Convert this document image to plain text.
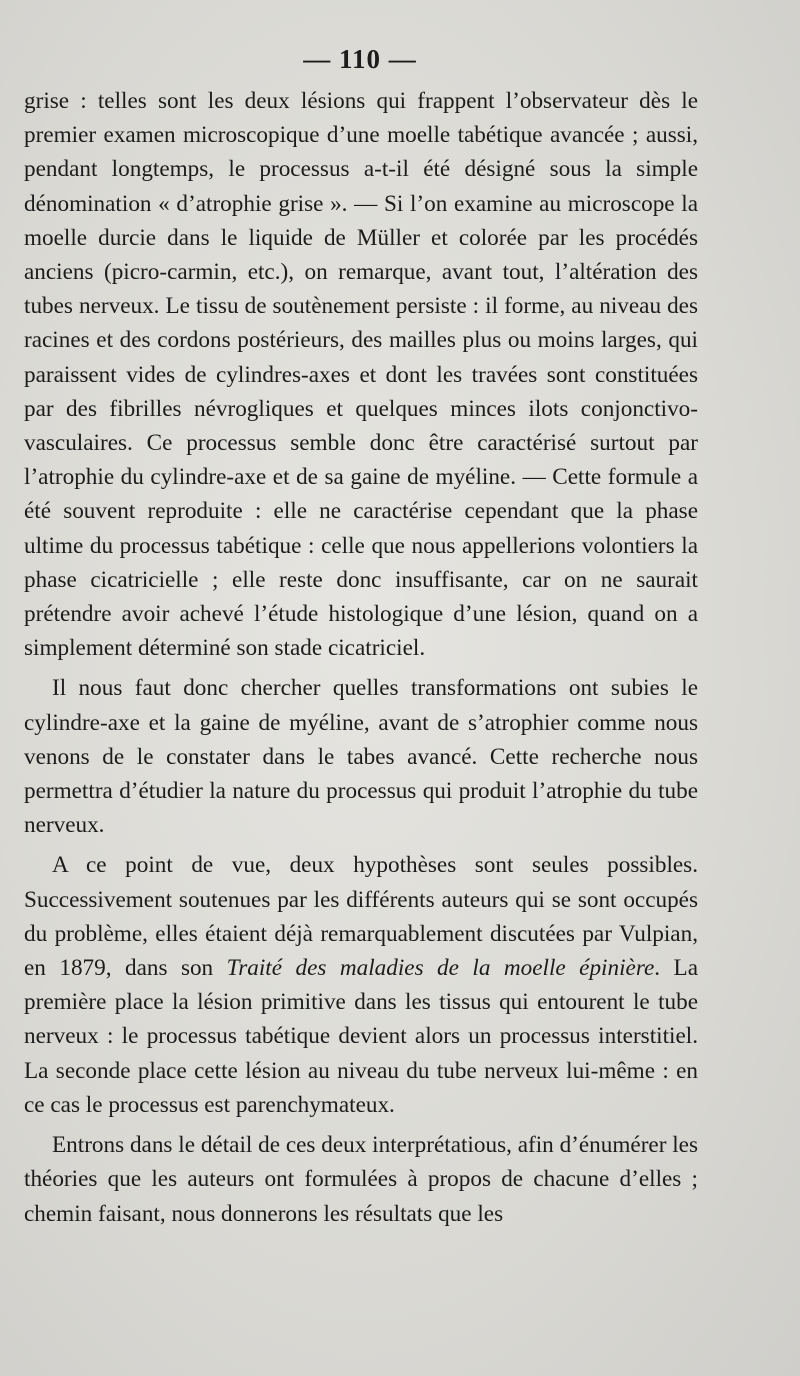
— 110 —

grise : telles sont les deux lésions qui frappent l’observateur dès le premier examen microscopique d’une moelle tabétique avancée ; aussi, pendant longtemps, le processus a-t-il été désigné sous la simple dénomination « d’atrophie grise ». — Si l’on examine au microscope la moelle durcie dans le liquide de Müller et colorée par les procédés anciens (picro-carmin, etc.), on remarque, avant tout, l’altération des tubes nerveux. Le tissu de soutènement persiste : il forme, au niveau des racines et des cordons postérieurs, des mailles plus ou moins larges, qui paraissent vides de cylindres-axes et dont les travées sont constituées par des fibrilles névrogliques et quelques minces ilots conjonctivo-vasculaires. Ce processus semble donc être caractérisé surtout par l’atrophie du cylindre-axe et de sa gaine de myéline. — Cette formule a été souvent reproduite : elle ne caractérise cependant que la phase ultime du processus tabétique : celle que nous appellerions volontiers la phase cicatricielle ; elle reste donc insuffisante, car on ne saurait prétendre avoir achevé l’étude histologique d’une lésion, quand on a simplement déterminé son stade cicatriciel.

Il nous faut donc chercher quelles transformations ont subies le cylindre-axe et la gaine de myéline, avant de s’atrophier comme nous venons de le constater dans le tabes avancé. Cette recherche nous permettra d’étudier la nature du processus qui produit l’atrophie du tube nerveux.

A ce point de vue, deux hypothèses sont seules possibles. Successivement soutenues par les différents auteurs qui se sont occupés du problème, elles étaient déjà remarquablement discutées par Vulpian, en 1879, dans son Traité des maladies de la moelle épinière. La première place la lésion primitive dans les tissus qui entourent le tube nerveux : le processus tabétique devient alors un processus interstitiel. La seconde place cette lésion au niveau du tube nerveux lui-même : en ce cas le processus est parenchymateux.

Entrons dans le détail de ces deux interprétatious, afin d’énumérer les théories que les auteurs ont formulées à propos de chacune d’elles ; chemin faisant, nous donnerons les résultats que les
